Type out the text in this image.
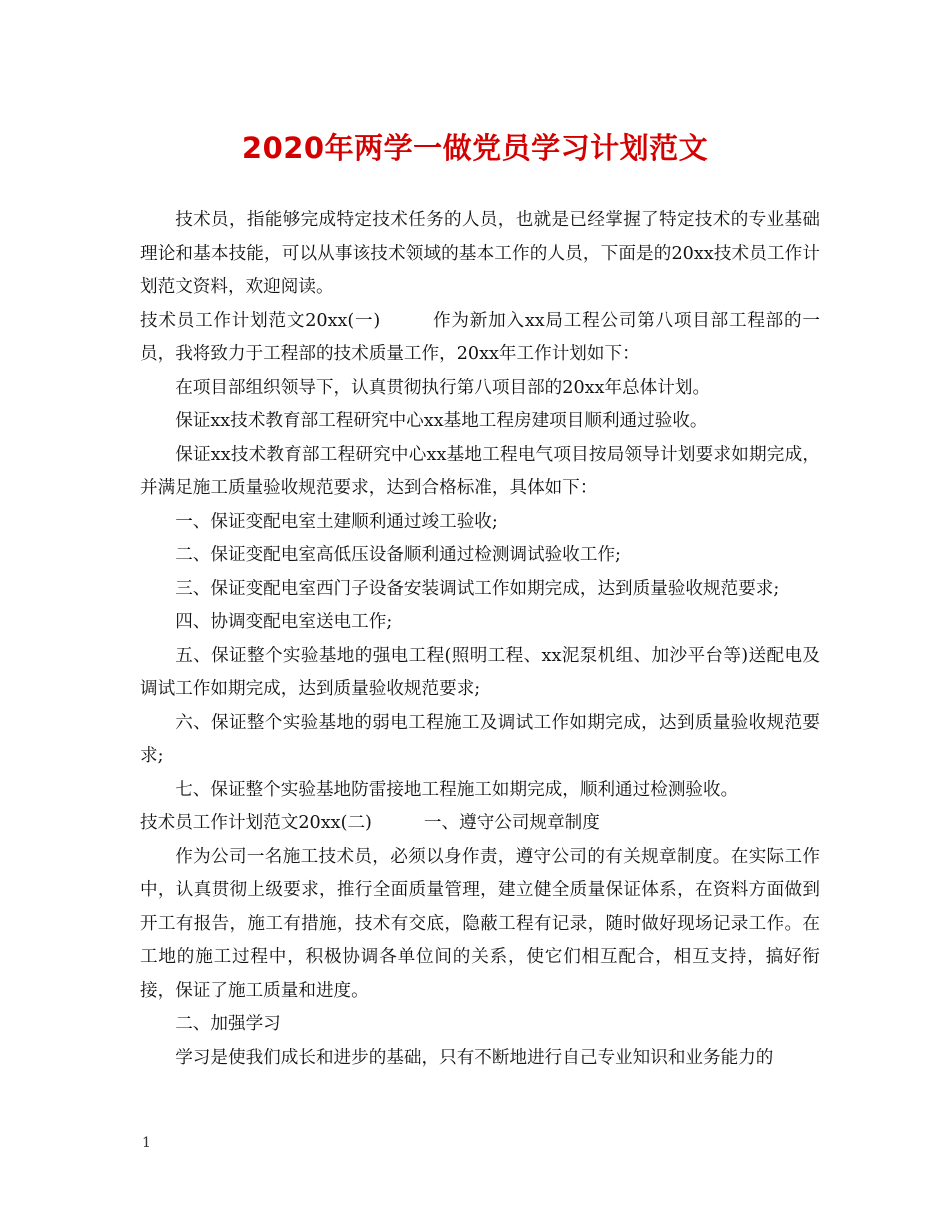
2020年两学一做党员学习计划范文

技术员，指能够完成特定技术任务的人员，也就是已经掌握了特定技术的专业基础理论和基本技能，可以从事该技术领域的基本工作的人员，下面是的20xx技术员工作计划范文资料，欢迎阅读。

技术员工作计划范文20xx(一)	作为新加入xx局工程公司第八项目部工程部的一员，我将致力于工程部的技术质量工作，20xx年工作计划如下：

在项目部组织领导下，认真贯彻执行第八项目部的20xx年总体计划。

保证xx技术教育部工程研究中心xx基地工程房建项目顺利通过验收。

保证xx技术教育部工程研究中心xx基地工程电气项目按局领导计划要求如期完成，并满足施工质量验收规范要求，达到合格标准，具体如下：

一、保证变配电室土建顺利通过竣工验收;

二、保证变配电室高低压设备顺利通过检测调试验收工作;

三、保证变配电室西门子设备安装调试工作如期完成，达到质量验收规范要求;

四、协调变配电室送电工作;

五、保证整个实验基地的强电工程(照明工程、xx泥泵机组、加沙平台等)送配电及调试工作如期完成，达到质量验收规范要求;

六、保证整个实验基地的弱电工程施工及调试工作如期完成，达到质量验收规范要求;

七、保证整个实验基地防雷接地工程施工如期完成，顺利通过检测验收。

技术员工作计划范文20xx(二)	一、遵守公司规章制度

作为公司一名施工技术员，必须以身作责，遵守公司的有关规章制度。在实际工作中，认真贯彻上级要求，推行全面质量管理，建立健全质量保证体系，在资料方面做到开工有报告，施工有措施，技术有交底，隐蔽工程有记录，随时做好现场记录工作。在工地的施工过程中，积极协调各单位间的关系，使它们相互配合，相互支持，搞好衔接，保证了施工质量和进度。

二、加强学习

学习是使我们成长和进步的基础，只有不断地进行自己专业知识和业务能力的

1
